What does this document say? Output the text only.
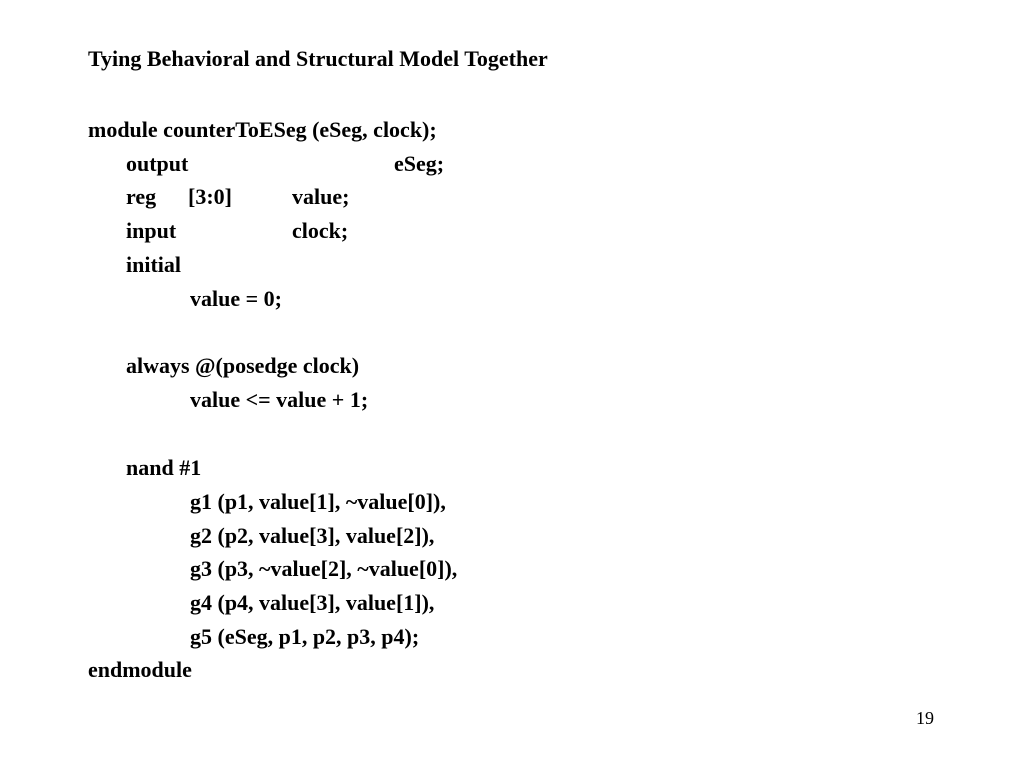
Tying Behavioral and Structural Model Together
module counterToESeg (eSeg, clock);
output	eSeg;
reg [3:0]	value;
input	clock;
initial
value = 0;
always @(posedge clock)
value <= value + 1;
nand #1
g1 (p1, value[1], ~value[0]),
g2 (p2, value[3], value[2]),
g3 (p3, ~value[2], ~value[0]),
g4 (p4, value[3], value[1]),
g5 (eSeg, p1, p2, p3, p4);
endmodule
19
